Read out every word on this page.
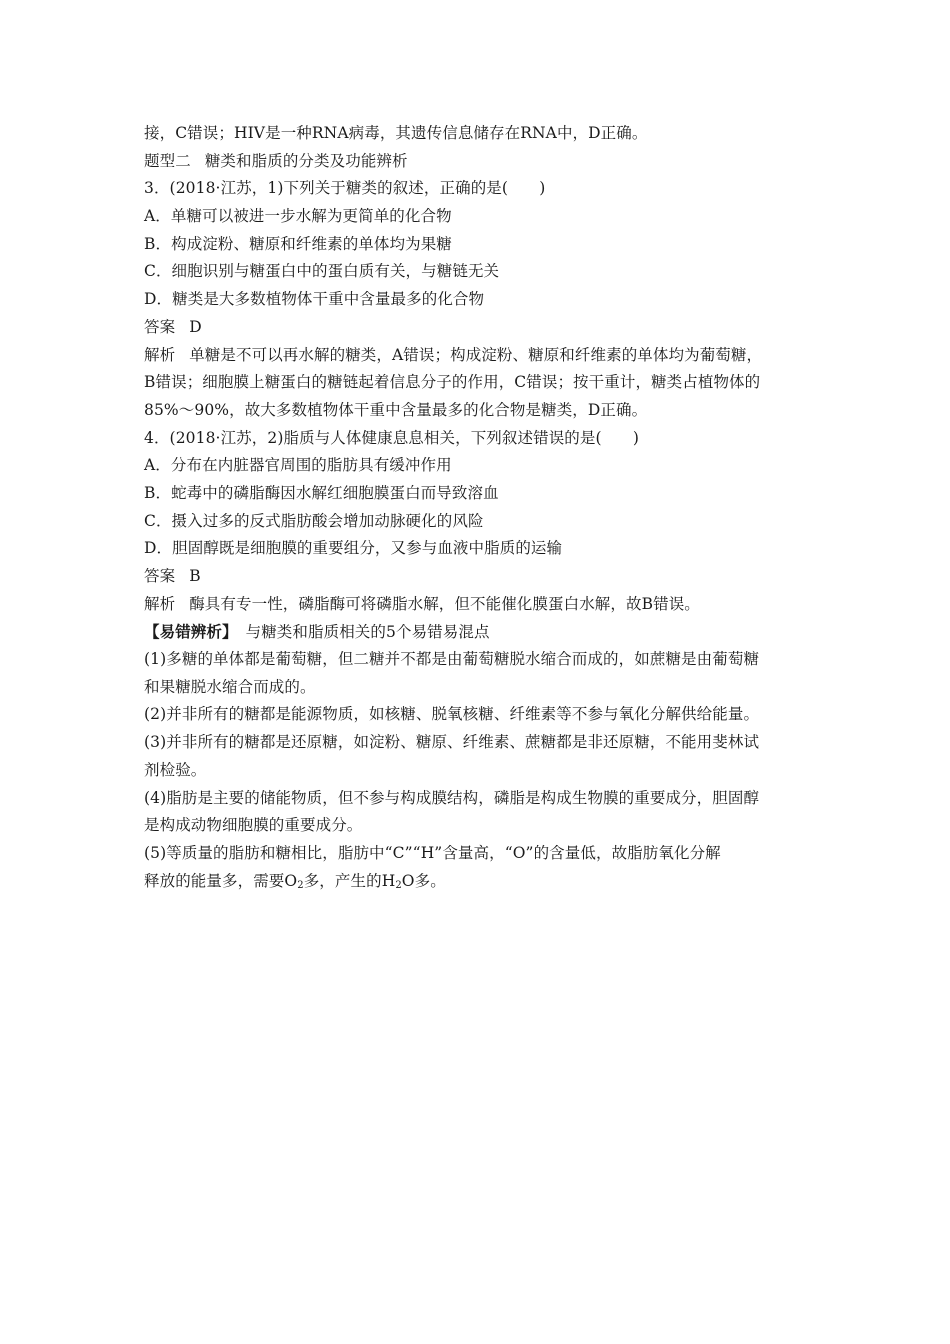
接，C错误；HIV是一种RNA病毒，其遗传信息储存在RNA中，D正确。
题型二 糖类和脂质的分类及功能辨析
3．(2018·江苏，1)下列关于糖类的叙述，正确的是(　　)
A．单糖可以被进一步水解为更简单的化合物
B．构成淀粉、糖原和纤维素的单体均为果糖
C．细胞识别与糖蛋白中的蛋白质有关，与糖链无关
D．糖类是大多数植物体干重中含量最多的化合物
答案 D
解析 单糖是不可以再水解的糖类，A错误；构成淀粉、糖原和纤维素的单体均为葡萄糖，
B错误；细胞膜上糖蛋白的糖链起着信息分子的作用，C错误；按干重计，糖类占植物体的
85%～90%，故大多数植物体干重中含量最多的化合物是糖类，D正确。
4．(2018·江苏，2)脂质与人体健康息息相关，下列叙述错误的是(　　)
A．分布在内脏器官周围的脂肪具有缓冲作用
B．蛇毒中的磷脂酶因水解红细胞膜蛋白而导致溶血
C．摄入过多的反式脂肪酸会增加动脉硬化的风险
D．胆固醇既是细胞膜的重要组分，又参与血液中脂质的运输
答案 B
解析 酶具有专一性，磷脂酶可将磷脂水解，但不能催化膜蛋白水解，故B错误。
【易错辨析】 与糖类和脂质相关的5个易错易混点
(1)多糖的单体都是葡萄糖，但二糖并不都是由葡萄糖脱水缩合而成的，如蔗糖是由葡萄糖
和果糖脱水缩合而成的。
(2)并非所有的糖都是能源物质，如核糖、脱氧核糖、纤维素等不参与氧化分解供给能量。
(3)并非所有的糖都是还原糖，如淀粉、糖原、纤维素、蔗糖都是非还原糖，不能用斐林试
剂检验。
(4)脂肪是主要的储能物质，但不参与构成膜结构，磷脂是构成生物膜的重要成分，胆固醇
是构成动物细胞膜的重要成分。
(5)等质量的脂肪和糖相比，脂肪中“C”“H”含量高，“O”的含量低，故脂肪氧化分解
释放的能量多，需要$O_2$多，产生的$H_2O$多。
